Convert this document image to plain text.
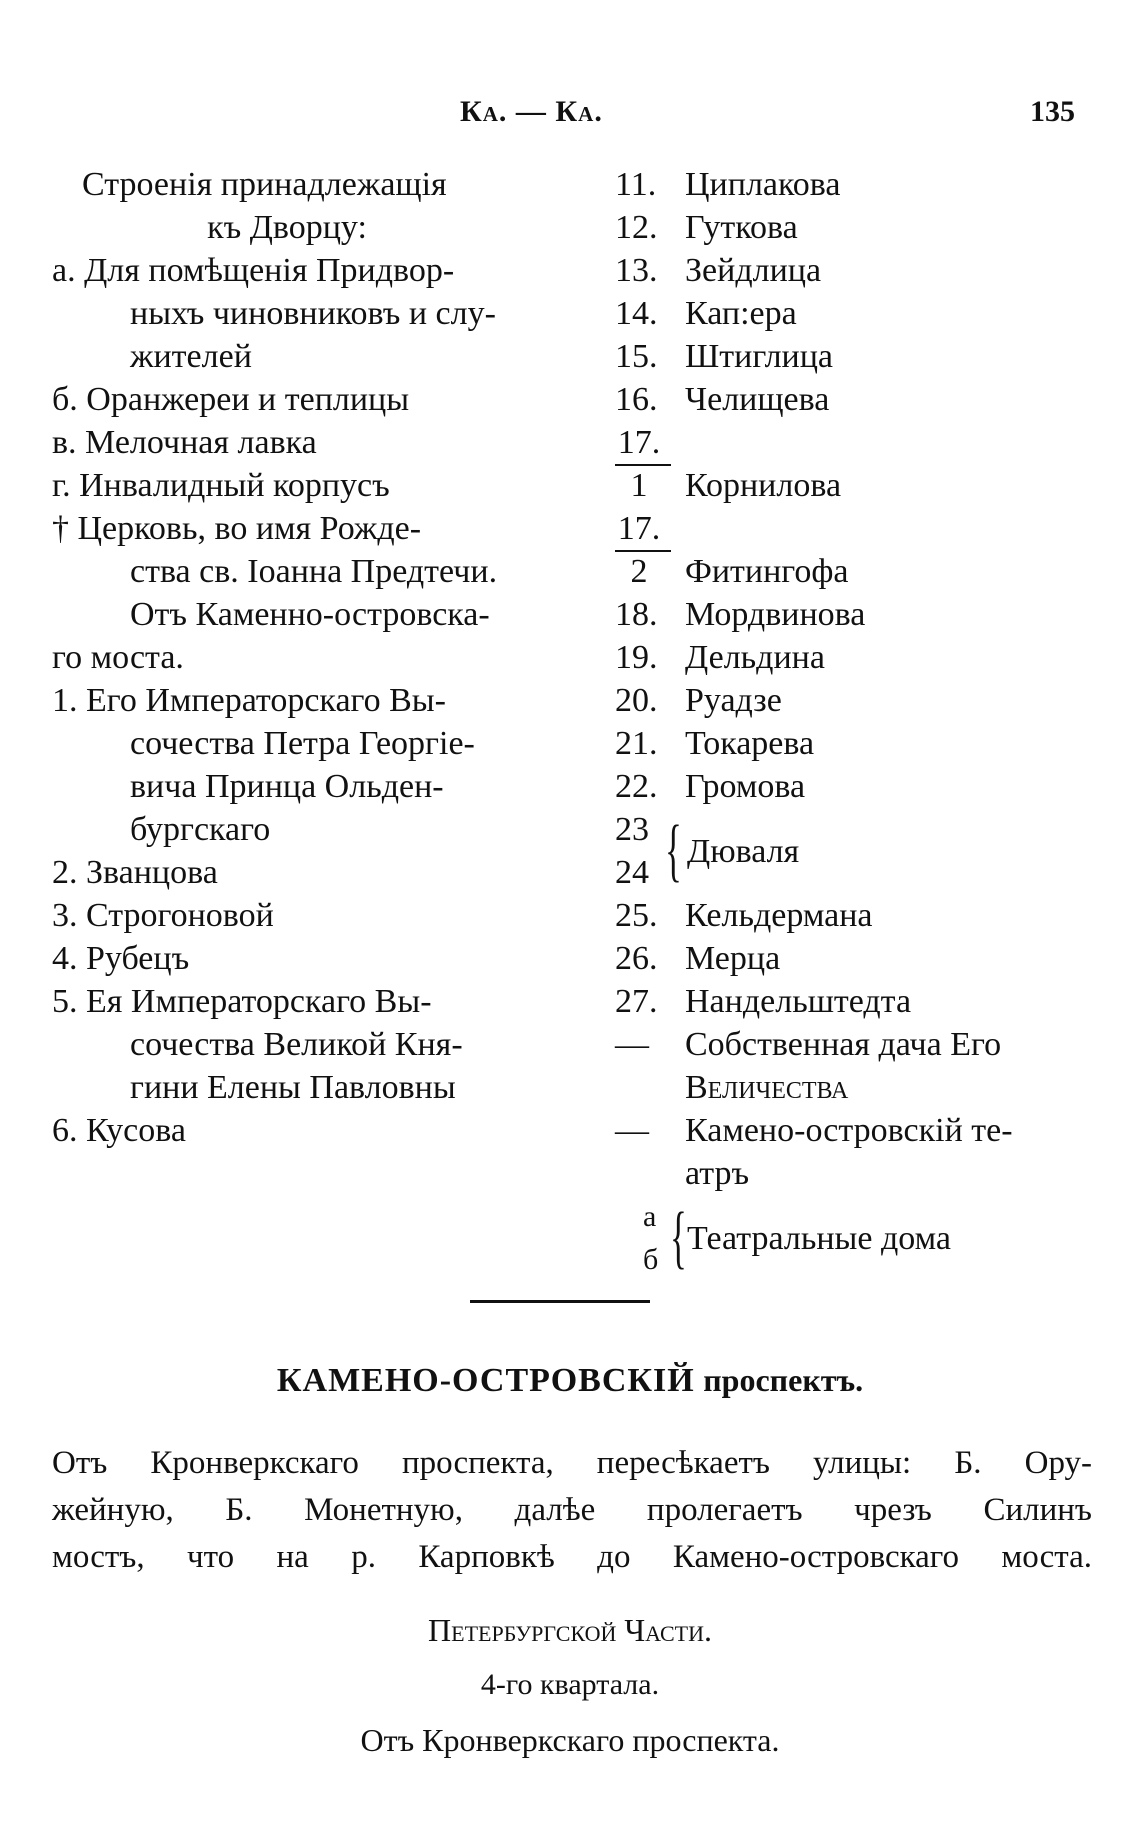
Ка. — Ка.	135
Строенія принадлежащія
къ Дворцу:
а. Для помѣщенія Придвор-
ныхъ чиновниковъ и слу-
жителей
б. Оранжереи и теплицы
в. Мелочная лавка
г. Инвалидный корпусъ
† Церковь, во имя Рожде-
ства св. Іоанна Предтечи.
Отъ Каменно-островска-
го моста.
1. Его Императорскаго Вы-
сочества Петра Георгіе-
вича Принца Ольден-
бургскаго
2. Званцова
3. Строгоновой
4. Рубецъ
5. Ея Императорскаго Вы-
сочества Великой Кня-
гини Елены Павловны
6. Кусова
11. Циплакова
12. Гуткова
13. Зейдлица
14. Кап:ера
15. Штиглица
16. Челищева
$\frac{17.}{1}$ Корнилова
$\frac{17.}{2}$ Фитингофа
18. Мордвинова
19. Дельдина
20. Руадзе
21. Токарева
22. Громова
23
24 { Дюваля
25. Кельдермана
26. Мерца
27. Нандельштедта
— Собственная дача Его
Величества
— Камено-островскій те-
атръ
а
б { Театральные дома
КАМЕНО-ОСТРОВСКІЙ проспектъ.
Отъ Кронверкскаго проспекта, пересѣкаетъ улицы: Б. Ору-
жейную, Б. Монетную, далѣе пролегаетъ чрезъ Силинъ
мостъ, что на р. Карповкѣ до Камено-островскаго моста.
Петербургской Части.
4-го квартала.
Отъ Кронверкскаго проспекта.
